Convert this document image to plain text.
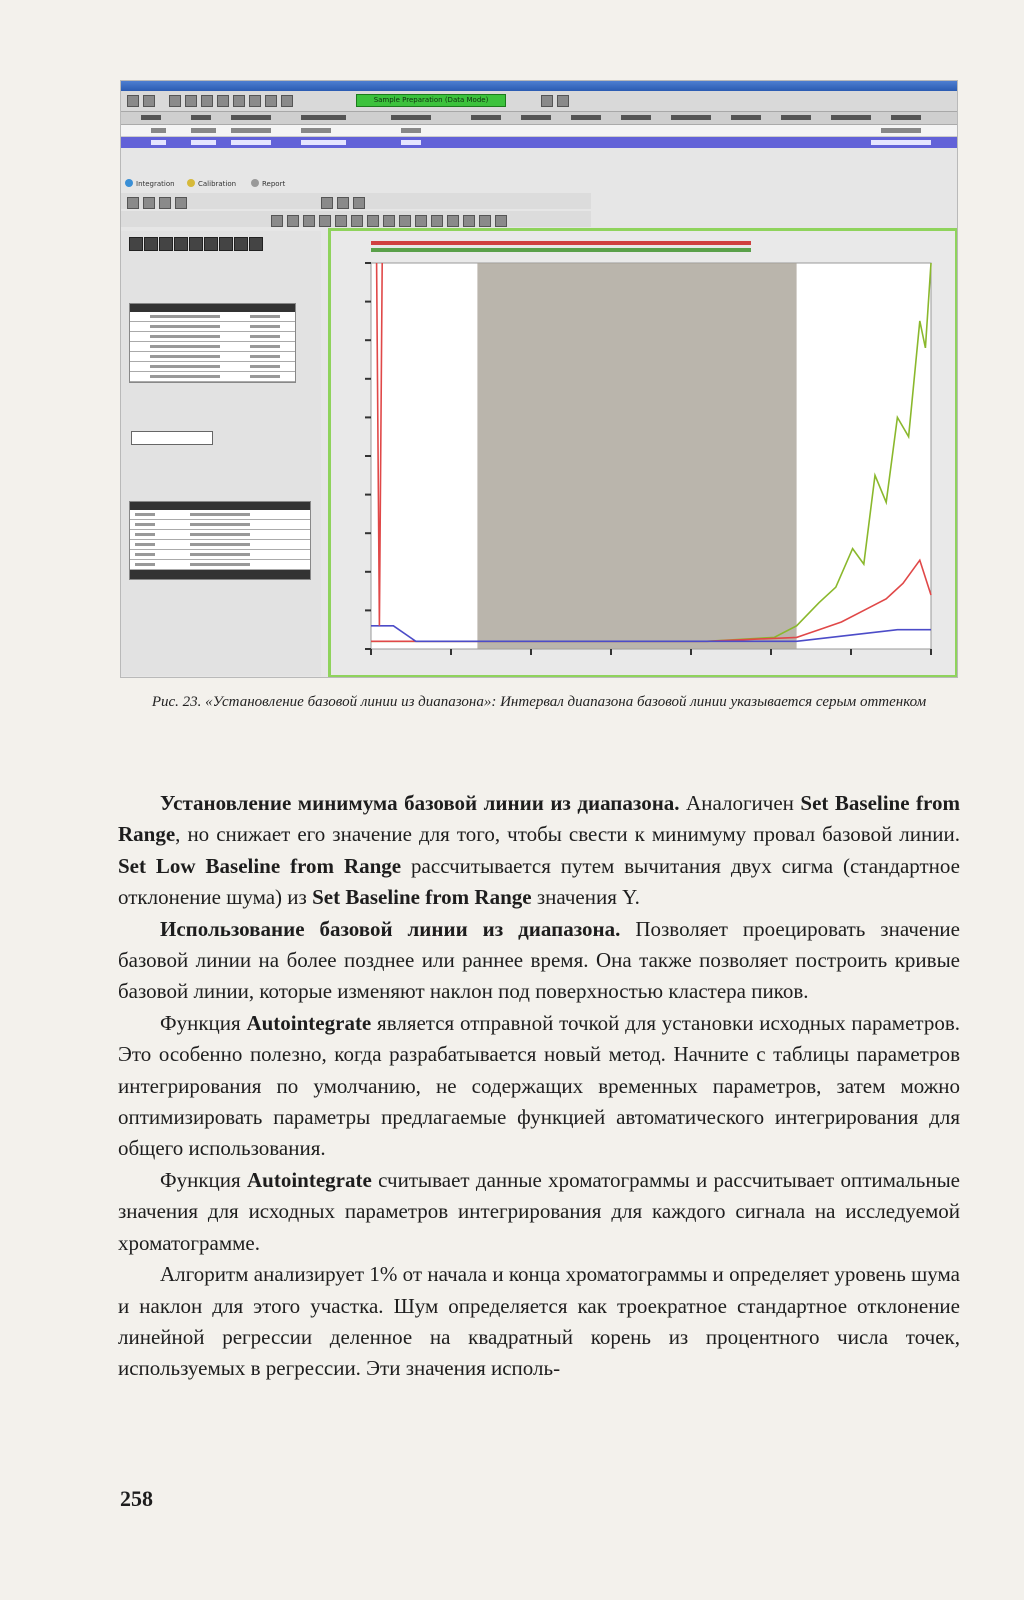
Sample Preparation (Data Mode)
Integration	Calibration	Report
Рис. 23. «Установление базовой линии из диапазона»: Интервал диапазона базовой линии указывается серым оттенком

Установление минимума базовой линии из диапазона. Аналогичен Set Baseline from Range, но снижает его значение для того, чтобы свести к минимуму провал базовой линии. Set Low Baseline from Range рассчитывается путем вычитания двух сигма (стандартное отклонение шума) из Set Baseline from Range значения Y.

Использование базовой линии из диапазона. Позволяет проецировать значение базовой линии на более позднее или раннее время. Она также позволяет построить кривые базовой линии, которые изменяют наклон под поверхностью кластера пиков.

Функция Autointegrate является отправной точкой для установки исходных параметров. Это особенно полезно, когда разрабатывается новый метод. Начните с таблицы параметров интегрирования по умолчанию, не содержащих временных параметров, затем можно оптимизировать параметры предлагаемые функцией автоматического интегрирования для общего использования.

Функция Autointegrate считывает данные хроматограммы и рассчитывает оптимальные значения для исходных параметров интегрирования для каждого сигнала на исследуемой хроматограмме.

Алгоритм анализирует 1% от начала и конца хроматограммы и определяет уровень шума и наклон для этого участка. Шум определяется как троекратное стандартное отклонение линейной регрессии деленное на квадратный корень из процентного числа точек, используемых в регрессии. Эти значения исполь-

258
